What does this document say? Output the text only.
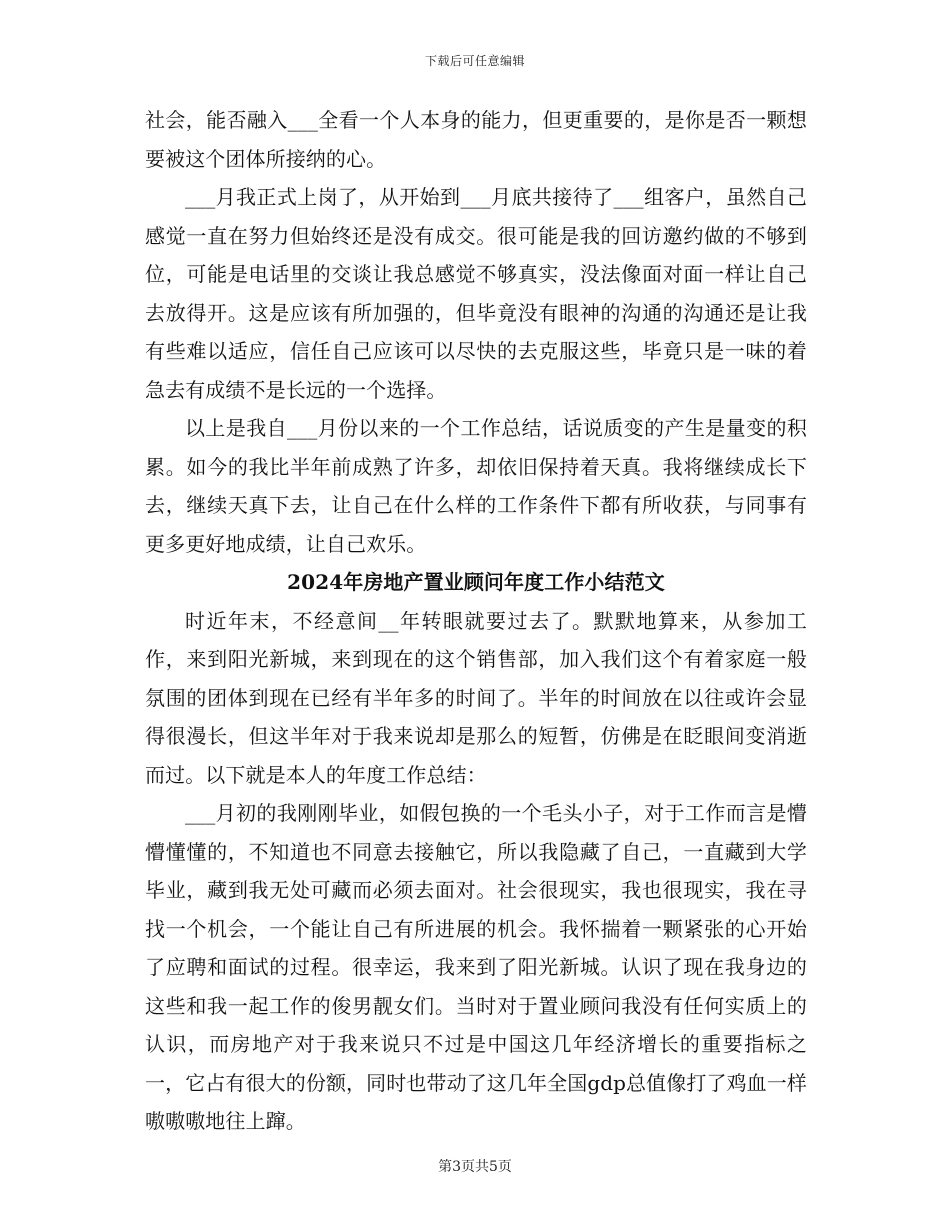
下载后可任意编辑

社会，能否融入___全看一个人本身的能力，但更重要的，是你是否一颗想要被这个团体所接纳的心。

___月我正式上岗了，从开始到___月底共接待了___组客户，虽然自己感觉一直在努力但始终还是没有成交。很可能是我的回访邀约做的不够到位，可能是电话里的交谈让我总感觉不够真实，没法像面对面一样让自己去放得开。这是应该有所加强的，但毕竟没有眼神的沟通的沟通还是让我有些难以适应，信任自己应该可以尽快的去克服这些，毕竟只是一味的着急去有成绩不是长远的一个选择。

以上是我自___月份以来的一个工作总结，话说质变的产生是量变的积累。如今的我比半年前成熟了许多，却依旧保持着天真。我将继续成长下去，继续天真下去，让自己在什么样的工作条件下都有所收获，与同事有更多更好地成绩，让自己欢乐。

2024年房地产置业顾问年度工作小结范文

时近年末，不经意间__年转眼就要过去了。默默地算来，从参加工作，来到阳光新城，来到现在的这个销售部，加入我们这个有着家庭一般氛围的团体到现在已经有半年多的时间了。半年的时间放在以往或许会显得很漫长，但这半年对于我来说却是那么的短暂，仿佛是在眨眼间变消逝而过。以下就是本人的年度工作总结：

___月初的我刚刚毕业，如假包换的一个毛头小子，对于工作而言是懵懵懂懂的，不知道也不同意去接触它，所以我隐藏了自己，一直藏到大学毕业，藏到我无处可藏而必须去面对。社会很现实，我也很现实，我在寻找一个机会，一个能让自己有所进展的机会。我怀揣着一颗紧张的心开始了应聘和面试的过程。很幸运，我来到了阳光新城。认识了现在我身边的这些和我一起工作的俊男靓女们。当时对于置业顾问我没有任何实质上的认识，而房地产对于我来说只不过是中国这几年经济增长的重要指标之一，它占有很大的份额，同时也带动了这几年全国gdp总值像打了鸡血一样嗷嗷嗷地往上蹿。

第3页共5页
